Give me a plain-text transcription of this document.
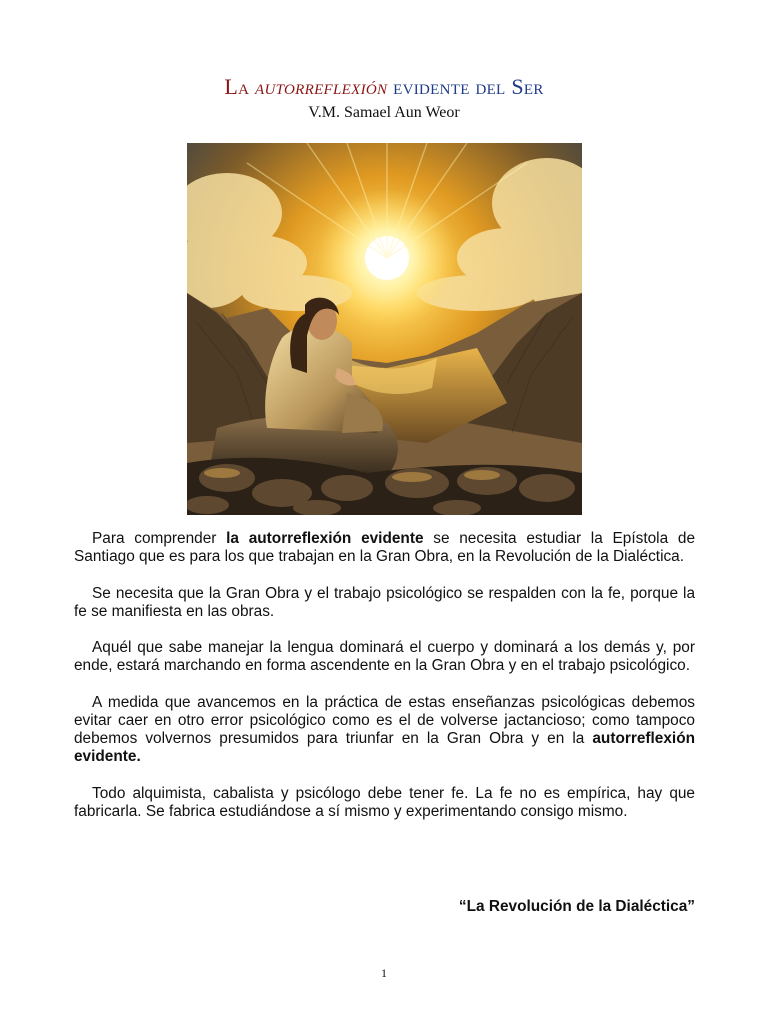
La autorreflexión evidente del Ser
V.M. Samael Aun Weor

Para comprender la autorreflexión evidente se necesita estudiar la Epístola de Santiago que es para los que trabajan en la Gran Obra, en la Revolución de la Dialéctica.

Se necesita que la Gran Obra y el trabajo psicológico se respalden con la fe, porque la fe se manifiesta en las obras.

Aquél que sabe manejar la lengua dominará el cuerpo y dominará a los demás y, por ende, estará marchando en forma ascendente en la Gran Obra y en el trabajo psicológico.

A medida que avancemos en la práctica de estas enseñanzas psicológicas debemos evitar caer en otro error psicológico como es el de volverse jactancioso; como tampoco debemos volvernos presumidos para triunfar en la Gran Obra y en la autorreflexión evidente.

Todo alquimista, cabalista y psicólogo debe tener fe. La fe no es empírica, hay que fabricarla. Se fabrica estudiándose a sí mismo y experimentando consigo mismo.

“La Revolución de la Dialéctica”
1
